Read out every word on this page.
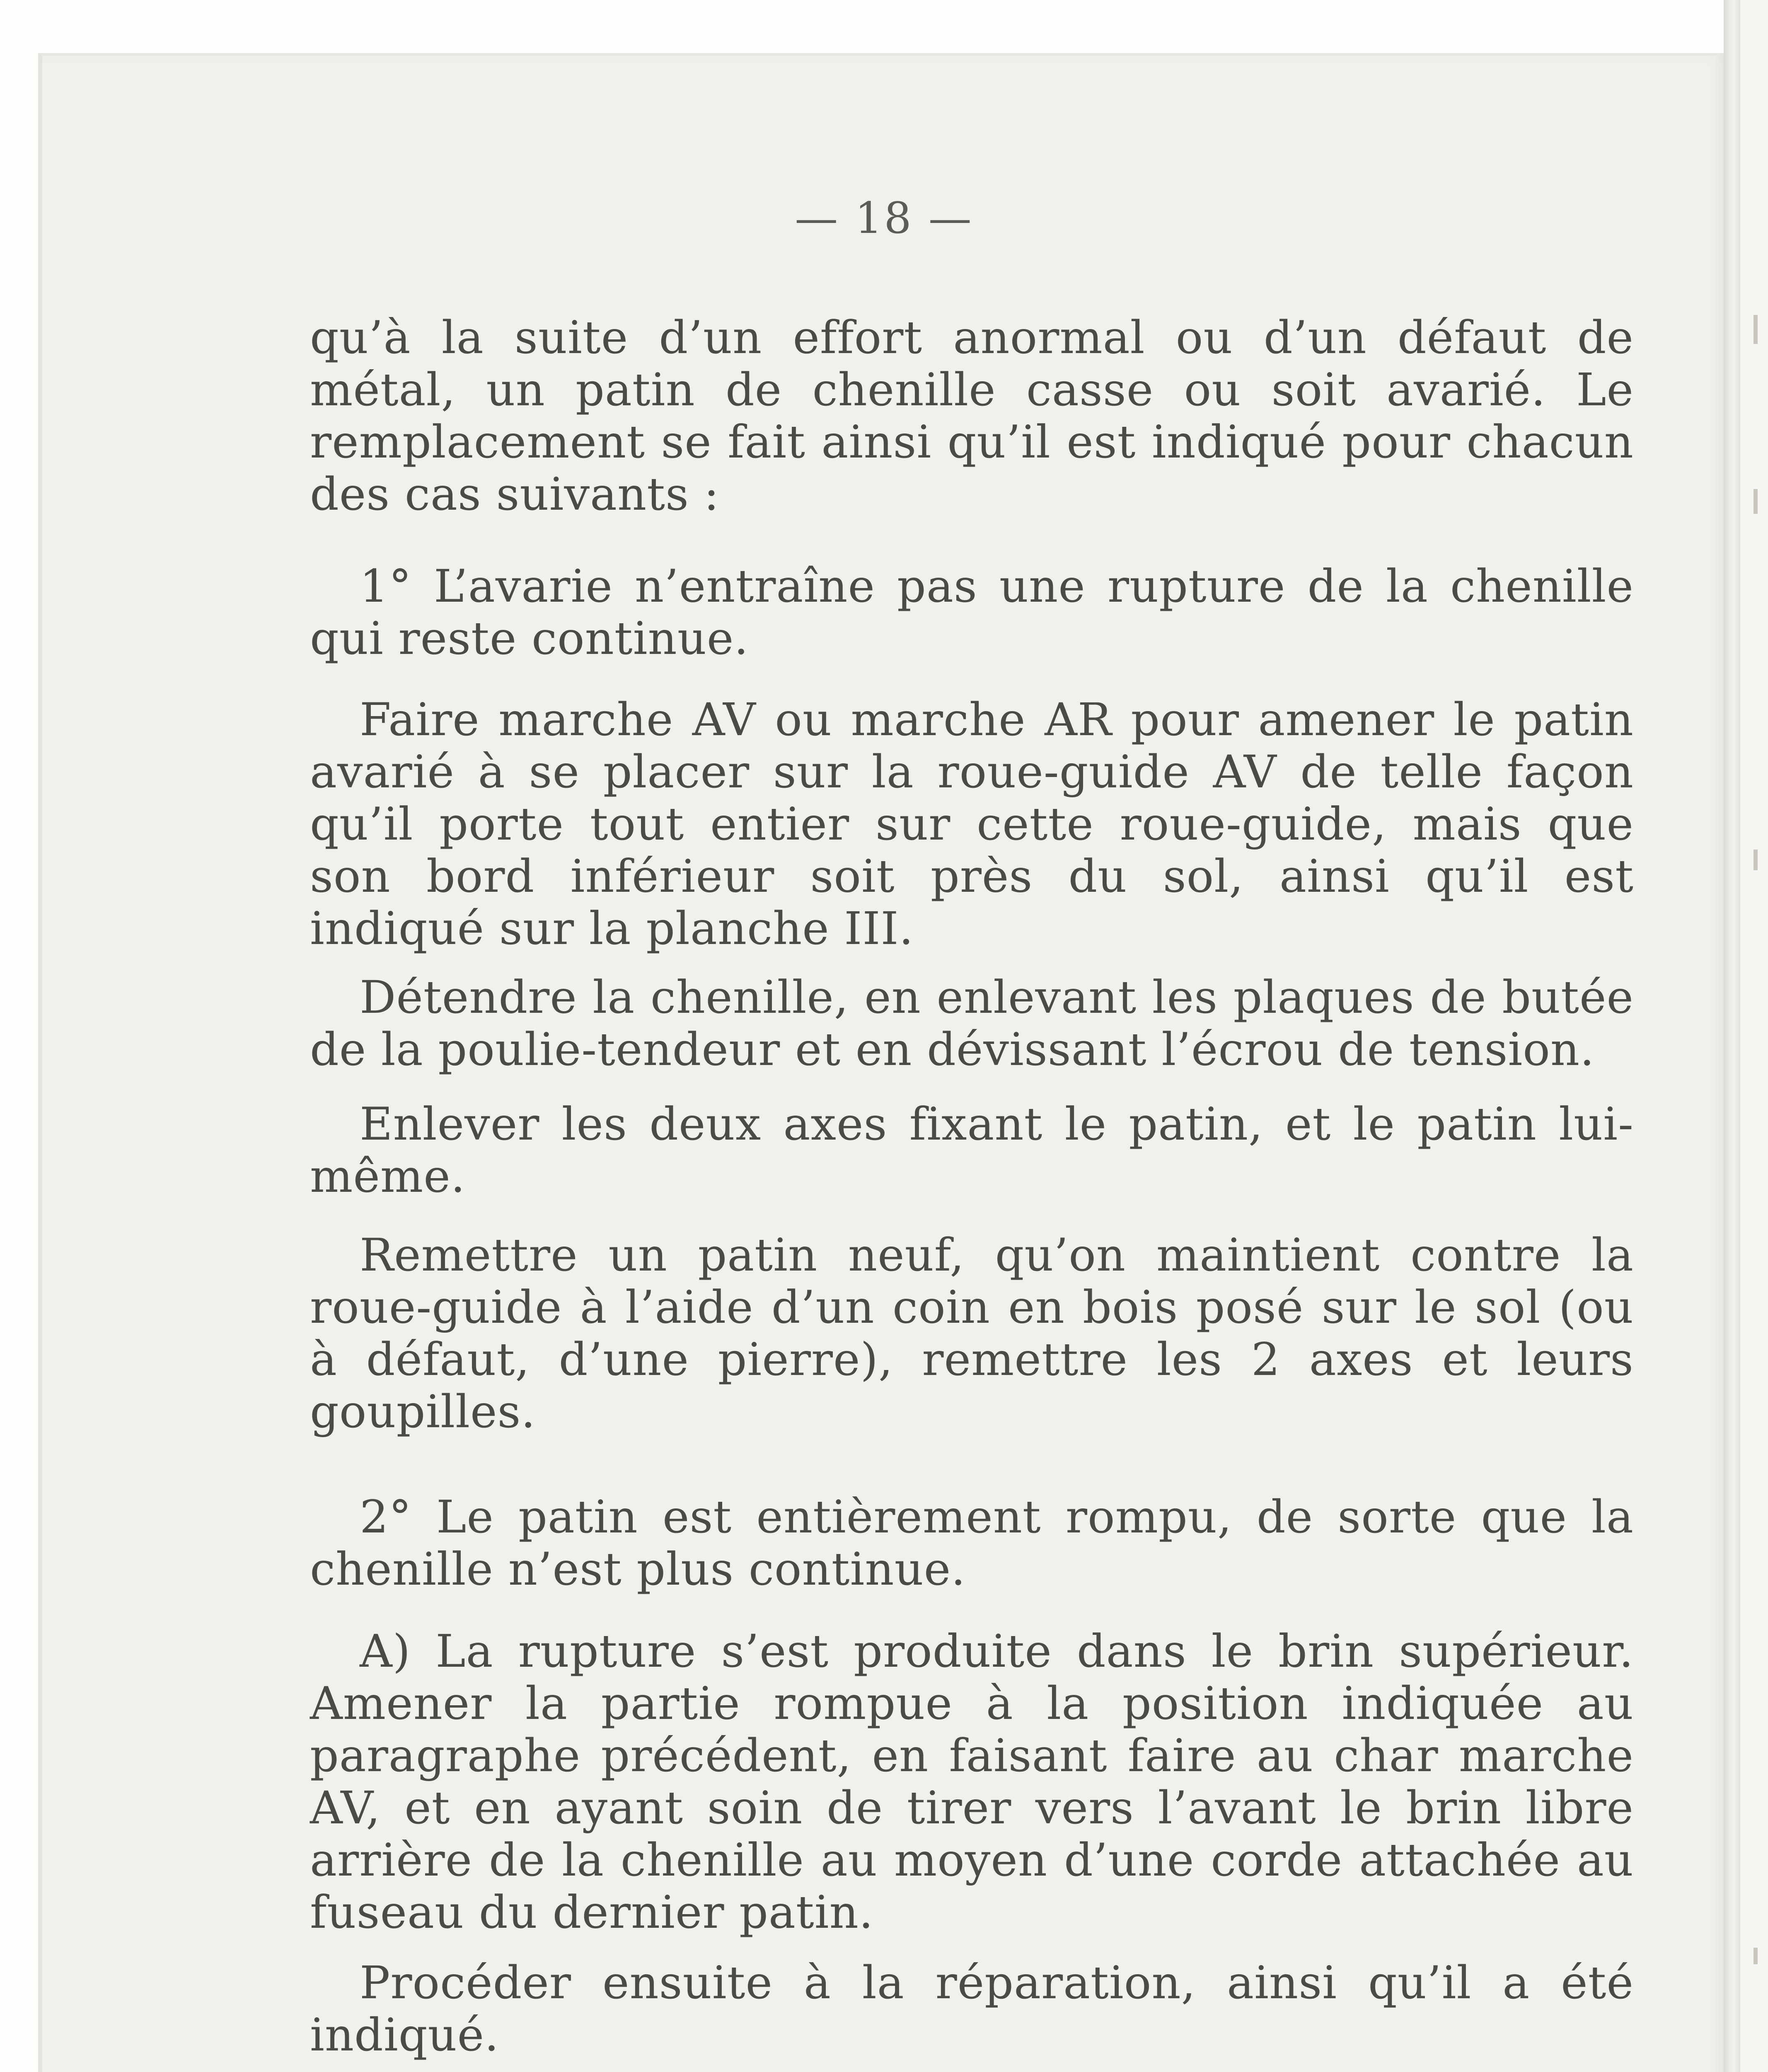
— 18 —

qu’à la suite d’un effort anormal ou d’un défaut de métal, un patin de chenille casse ou soit avarié. Le remplacement se fait ainsi qu’il est indiqué pour chacun des cas suivants :

1° L’avarie n’entraîne pas une rupture de la chenille qui reste continue.

Faire marche AV ou marche AR pour amener le patin avarié à se placer sur la roue-guide AV de telle façon qu’il porte tout entier sur cette roue-guide, mais que son bord inférieur soit près du sol, ainsi qu’il est indiqué sur la planche III.

Détendre la chenille, en enlevant les plaques de butée de la poulie-tendeur et en dévissant l’écrou de tension.

Enlever les deux axes fixant le patin, et le patin lui-même.

Remettre un patin neuf, qu’on maintient contre la roue-guide à l’aide d’un coin en bois posé sur le sol (ou à défaut, d’une pierre), remettre les 2 axes et leurs goupilles.

2° Le patin est entièrement rompu, de sorte que la chenille n’est plus continue.

A) La rupture s’est produite dans le brin supérieur. Amener la partie rompue à la position indiquée au paragraphe précédent, en faisant faire au char marche AV, et en ayant soin de tirer vers l’avant le brin libre arrière de la chenille au moyen d’une corde attachée au fuseau du dernier patin.

Procéder ensuite à la réparation, ainsi qu’il a été indiqué.
